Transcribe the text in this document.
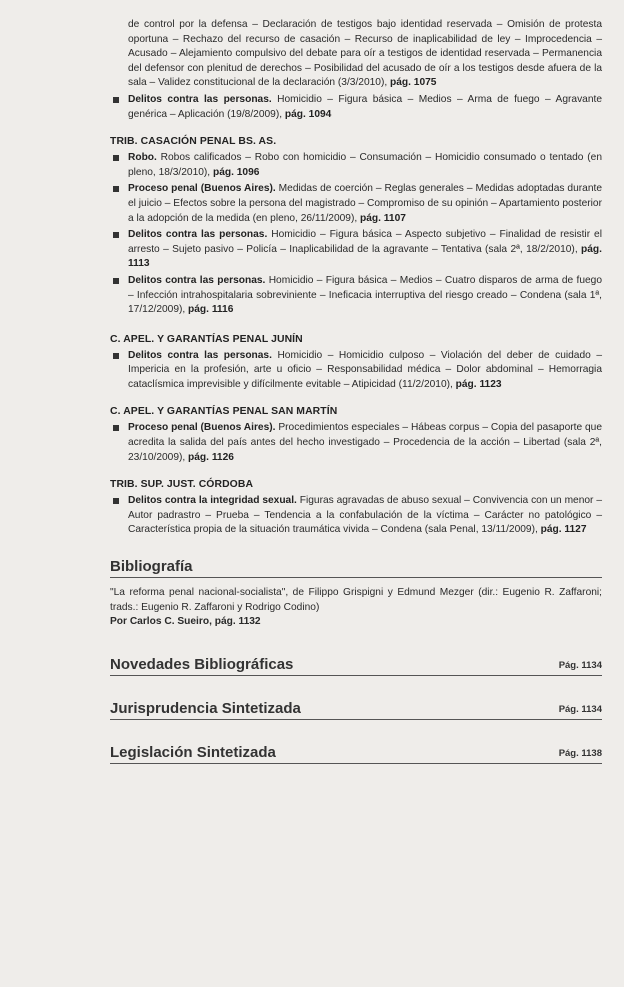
de control por la defensa – Declaración de testigos bajo identidad reservada – Omisión de protesta oportuna – Rechazo del recurso de casación – Recurso de inaplicabilidad de ley – Improcedencia – Acusado – Alejamiento compulsivo del debate para oír a testigos de identidad reservada – Permanencia del defensor con plenitud de derechos – Posibilidad del acusado de oír a los testigos desde afuera de la sala – Validez constitucional de la declaración (3/3/2010), pág. 1075

Delitos contra las personas. Homicidio – Figura básica – Medios – Arma de fuego – Agravante genérica – Aplicación (19/8/2009), pág. 1094

TRIB. CASACIÓN PENAL BS. AS.

Robo. Robos calificados – Robo con homicidio – Consumación – Homicidio consumado o tentado (en pleno, 18/3/2010), pág. 1096

Proceso penal (Buenos Aires). Medidas de coerción – Reglas generales – Medidas adoptadas durante el juicio – Efectos sobre la persona del magistrado – Compromiso de su opinión – Apartamiento posterior a la adopción de la medida (en pleno, 26/11/2009), pág. 1107

Delitos contra las personas. Homicidio – Figura básica – Aspecto subjetivo – Finalidad de resistir el arresto – Sujeto pasivo – Policía – Inaplicabilidad de la agravante – Tentativa (sala 2ª, 18/2/2010), pág. 1113

Delitos contra las personas. Homicidio – Figura básica – Medios – Cuatro disparos de arma de fuego – Infección intrahospitalaria sobreviniente – Ineficacia interruptiva del riesgo creado – Condena (sala 1ª, 17/12/2009), pág. 1116

C. APEL. Y GARANTÍAS PENAL JUNÍN

Delitos contra las personas. Homicidio – Homicidio culposo – Violación del deber de cuidado – Impericia en la profesión, arte u oficio – Responsabilidad médica – Dolor abdominal – Hemorragia cataclísmica imprevisible y difícilmente evitable – Atipicidad (11/2/2010), pág. 1123

C. APEL. Y GARANTÍAS PENAL SAN MARTÍN

Proceso penal (Buenos Aires). Procedimientos especiales – Hábeas corpus – Copia del pasaporte que acredita la salida del país antes del hecho investigado – Procedencia de la acción – Libertad (sala 2ª, 23/10/2009), pág. 1126

TRIB. SUP. JUST. CÓRDOBA

Delitos contra la integridad sexual. Figuras agravadas de abuso sexual – Convivencia con un menor – Autor padrastro – Prueba – Tendencia a la confabulación de la víctima – Carácter no patológico – Característica propia de la situación traumática vivida – Condena (sala Penal, 13/11/2009), pág. 1127

Bibliografía
"La reforma penal nacional-socialista", de Filippo Grispigni y Edmund Mezger (dir.: Eugenio R. Zaffaroni; trads.: Eugenio R. Zaffaroni y Rodrigo Codino)
Por Carlos C. Sueiro, pág. 1132
Novedades Bibliográficas	Pág. 1134
Jurisprudencia Sintetizada	Pág. 1134
Legislación Sintetizada	Pág. 1138
